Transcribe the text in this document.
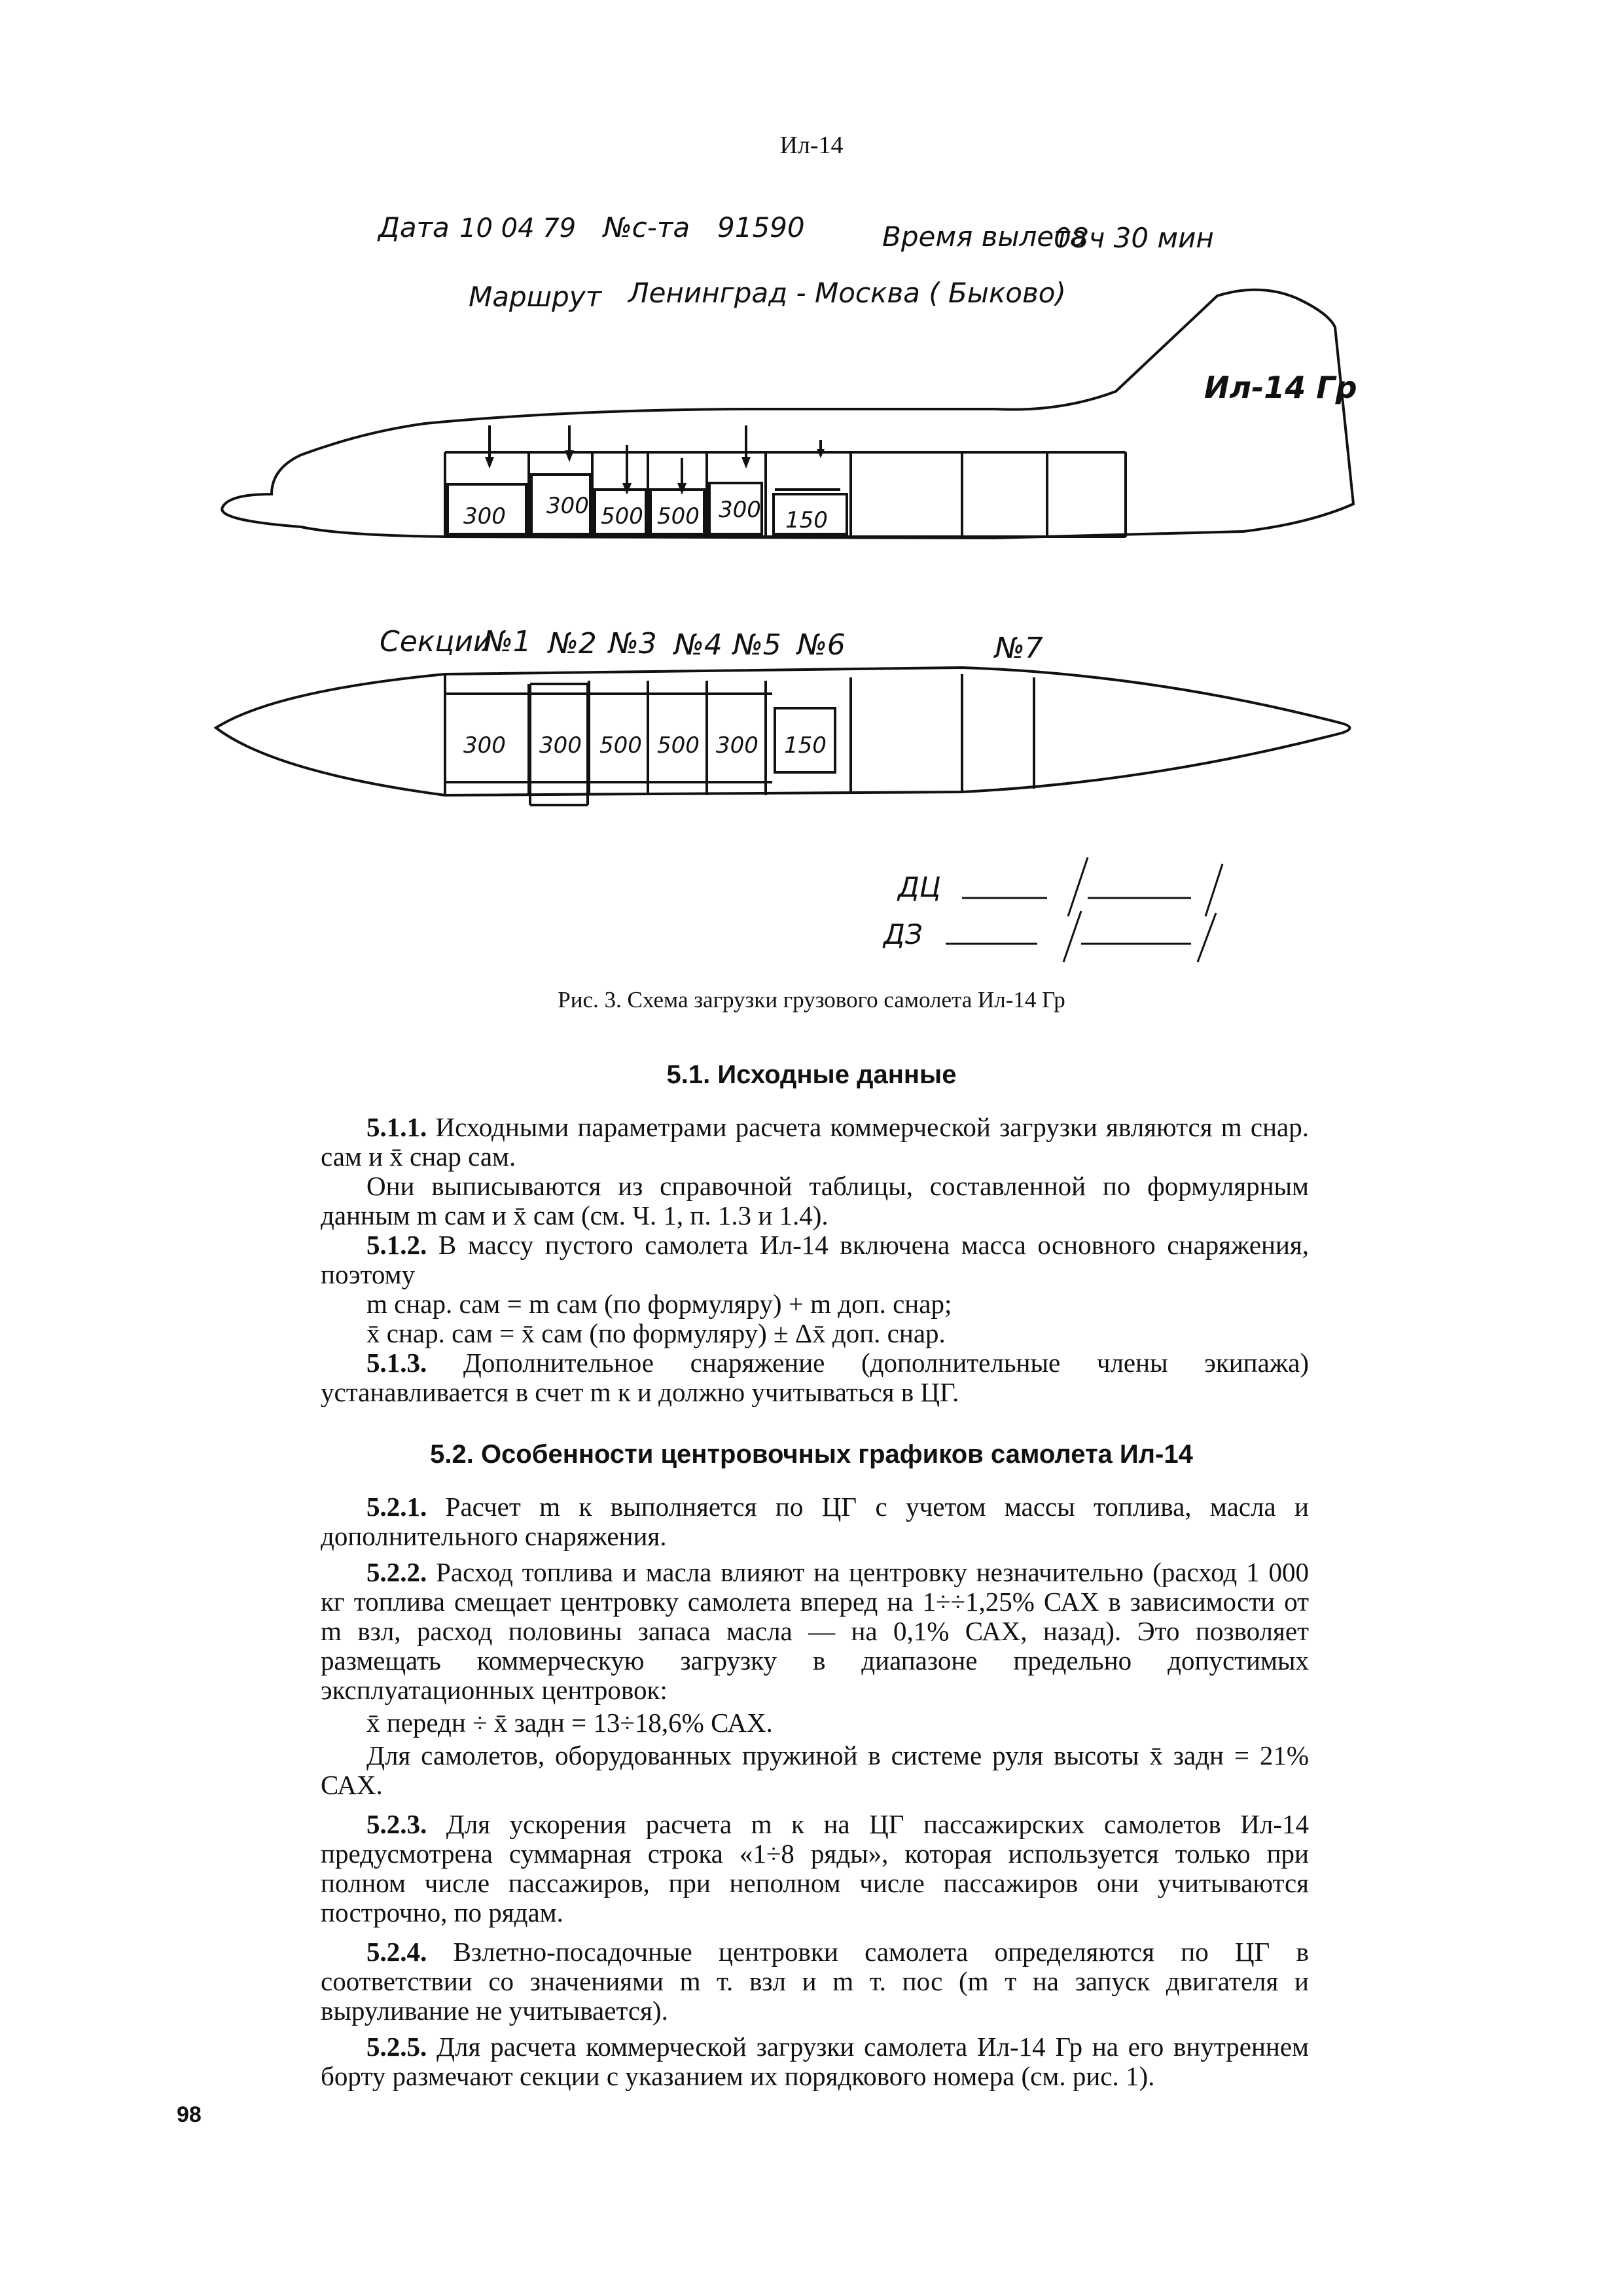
Ил-14
Дата 10 04 79 №с-та 91590	Время вылета
08ч 30 мин
Маршрут Ленинград - Москва ( Быково)
Ил-14 Гр
300 300 500 500 300 150
Секции
№1 №2 №3 №4 №5 №6	№7
300 300 500 500 300 150
ДЦ
ДЗ
Рис. 3. Схема загрузки грузового самолета Ил-14 Гр
5.1. Исходные данные

5.1.1. Исходными параметрами расчета коммерческой загрузки являются m снар. сам и x̄ снар сам.

Они выписываются из справочной таблицы, составленной по формулярным данным m сам и x̄ сам (см. Ч. 1, п. 1.3 и 1.4).

5.1.2. В массу пустого самолета Ил-14 включена масса основного снаряжения, поэтому

m снар. сам = m сам (по формуляру) + m доп. снар;

x̄ снар. сам = x̄ сам (по формуляру) ± Δx̄ доп. снар.

5.1.3. Дополнительное снаряжение (дополнительные члены экипажа) устанавливается в счет m к и должно учитываться в ЦГ.

5.2. Особенности центровочных графиков самолета Ил-14

5.2.1. Расчет m к выполняется по ЦГ с учетом массы топлива, масла и дополнительного снаряжения.

5.2.2. Расход топлива и масла влияют на центровку незначительно (расход 1 000 кг топлива смещает центровку самолета вперед на 1÷÷1,25% САХ в зависимости от m взл, расход половины запаса масла — на 0,1% САХ, назад). Это позволяет размещать коммерческую загрузку в диапазоне предельно допустимых эксплуатационных центровок:

x̄ передн ÷ x̄ задн = 13÷18,6% САХ.

Для самолетов, оборудованных пружиной в системе руля высоты x̄ задн = 21% САХ.

5.2.3. Для ускорения расчета m к на ЦГ пассажирских самолетов Ил-14 предусмотрена суммарная строка «1÷8 ряды», которая используется только при полном числе пассажиров, при неполном числе пассажиров они учитываются построчно, по рядам.

5.2.4. Взлетно-посадочные центровки самолета определяются по ЦГ в соответствии со значениями m т. взл и m т. пос (m т на запуск двигателя и выруливание не учитывается).

5.2.5. Для расчета коммерческой загрузки самолета Ил-14 Гр на его внутреннем борту размечают секции с указанием их порядкового номера (см. рис. 1).

98
